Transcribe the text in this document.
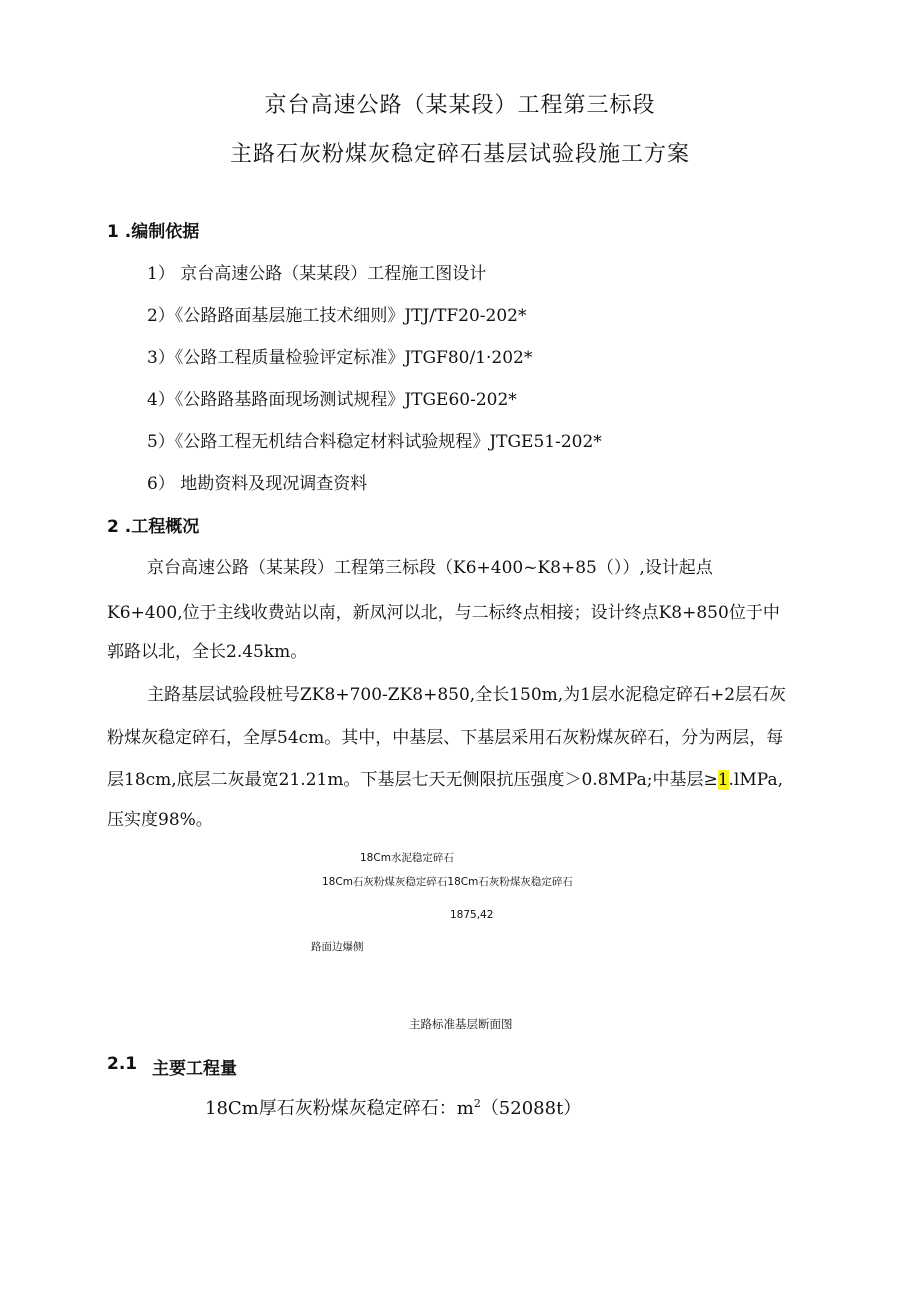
京台高速公路（某某段）工程第三标段
主路石灰粉煤灰稳定碎石基层试验段施工方案
1 .编制依据
1） 京台高速公路（某某段）工程施工图设计
2）《公路路面基层施工技术细则》JTJ/TF20-202*
3）《公路工程质量检验评定标准》JTGF80/1·202*
4）《公路路基路面现场测试规程》JTGE60-202*
5）《公路工程无机结合料稳定材料试验规程》JTGE51-202*
6） 地勘资料及现况调查资料
2 .工程概况
京台高速公路（某某段）工程第三标段（K6+400~K8+85（））,设计起点
K6+400,位于主线收费站以南，新凤河以北，与二标终点相接；设计终点K8+850位于中
郭路以北，全长2.45km。
主路基层试验段桩号ZK8+700-ZK8+850,全长150m,为1层水泥稳定碎石+2层石灰
粉煤灰稳定碎石，全厚54cm。其中，中基层、下基层采用石灰粉煤灰碎石，分为两层，每
层18cm,底层二灰最宽21.21m。下基层七天无侧限抗压强度＞0.8MPa;中基层≥1.lMPa,
压实度98%。
18Cm水泥稳定碎石
18Cm石灰粉煤灰稳定碎石18Cm石灰粉煤灰稳定碎石
1875,42
路面边爆侧
主路标准基层断面图
2.1 主要工程量
18Cm厚石灰粉煤灰稳定碎石：$m^2(52088t)$
